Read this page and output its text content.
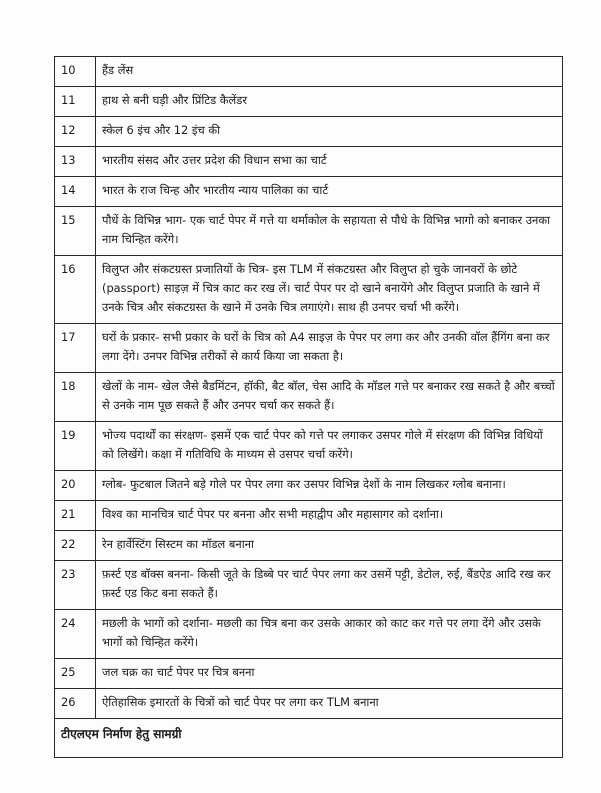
10	हैंड लेंस
11	हाथ से बनी घड़ी और प्रिंटिड कैलेंडर
12	स्केल 6 इंच और 12 इंच की
13	भारतीय संसद और उत्तर प्रदेश की विधान सभा का चार्ट
14	भारत के राज चिन्ह और भारतीय न्याय पालिका का चार्ट
15	पौधें के विभिन्न भाग- एक चार्ट पेपर में गत्ते या थर्माकोल के सहायता से पौधे के विभिन्न भागो को बनाकर उनका नाम चिन्हित करेंगे।
16	विलुप्त और संकटग्रस्त प्रजातियों के चित्र- इस TLM में संकटग्रस्त और विलुप्त हो चुके जानवरों के छोटे (passport) साइज़ में चित्र काट कर रख लें। चार्ट पेपर पर दो खाने बनायेंगे और विलुप्त प्रजाति के खाने में उनके चित्र और संकटग्रस्त के खाने में उनके चित्र लगाएंगे। साथ ही उनपर चर्चा भी करेंगे।
17	घरों के प्रकार- सभी प्रकार के घरों के चित्र को A4 साइज़ के पेपर पर लगा कर और उनकी वॉल हैंगिंग बना कर लगा देंगे। उनपर विभिन्न तरीकों से कार्य किया जा सकता है।
18	खेलों के नाम- खेल जैसे बैडमिंटन, हॉकी, बैट बॉल, चेस आदि के मॉडल गत्ते पर बनाकर रख सकते है और बच्चों से उनके नाम पूछ सकते हैं और उनपर चर्चा कर सकते हैं।
19	भोज्य पदार्थों का संरक्षण- इसमें एक चार्ट पेपर को गत्ते पर लगाकर उसपर गोले में संरक्षण की विभिन्न विधियों को लिखेंगे। कक्षा में गतिविधि के माध्यम से उसपर चर्चा करेंगे।
20	ग्लोब- फुटबाल जितने बड़े गोले पर पेपर लगा कर उसपर विभिन्न देशों के नाम लिखकर ग्लोब बनाना।
21	विश्व का मानचित्र चार्ट पेपर पर बनना और सभी महाद्वीप और महासागर को दर्शाना।
22	रेन हार्वेस्टिंग सिस्टम का मॉडल बनाना
23	फ़र्स्ट एड बॉक्स बनना- किसी जूते के डिब्बे पर चार्ट पेपर लगा कर उसमें पट्टी, डेटोल, रुई, बैंडऐड आदि रख कर फ़र्स्ट एड किट बना सकते हैं।
24	मछली के भागों को दर्शाना- मछली का चित्र बना कर उसके आकार को काट कर गत्ते पर लगा देंगे और उसके भागों को चिन्हित करेंगे।
25	जल चक्र का चार्ट पेपर पर चित्र बनना
26	ऐतिहासिक इमारतों के चित्रों को चार्ट पेपर पर लगा कर TLM बनाना
टीएलएम निर्माण हेतु सामग्री	
